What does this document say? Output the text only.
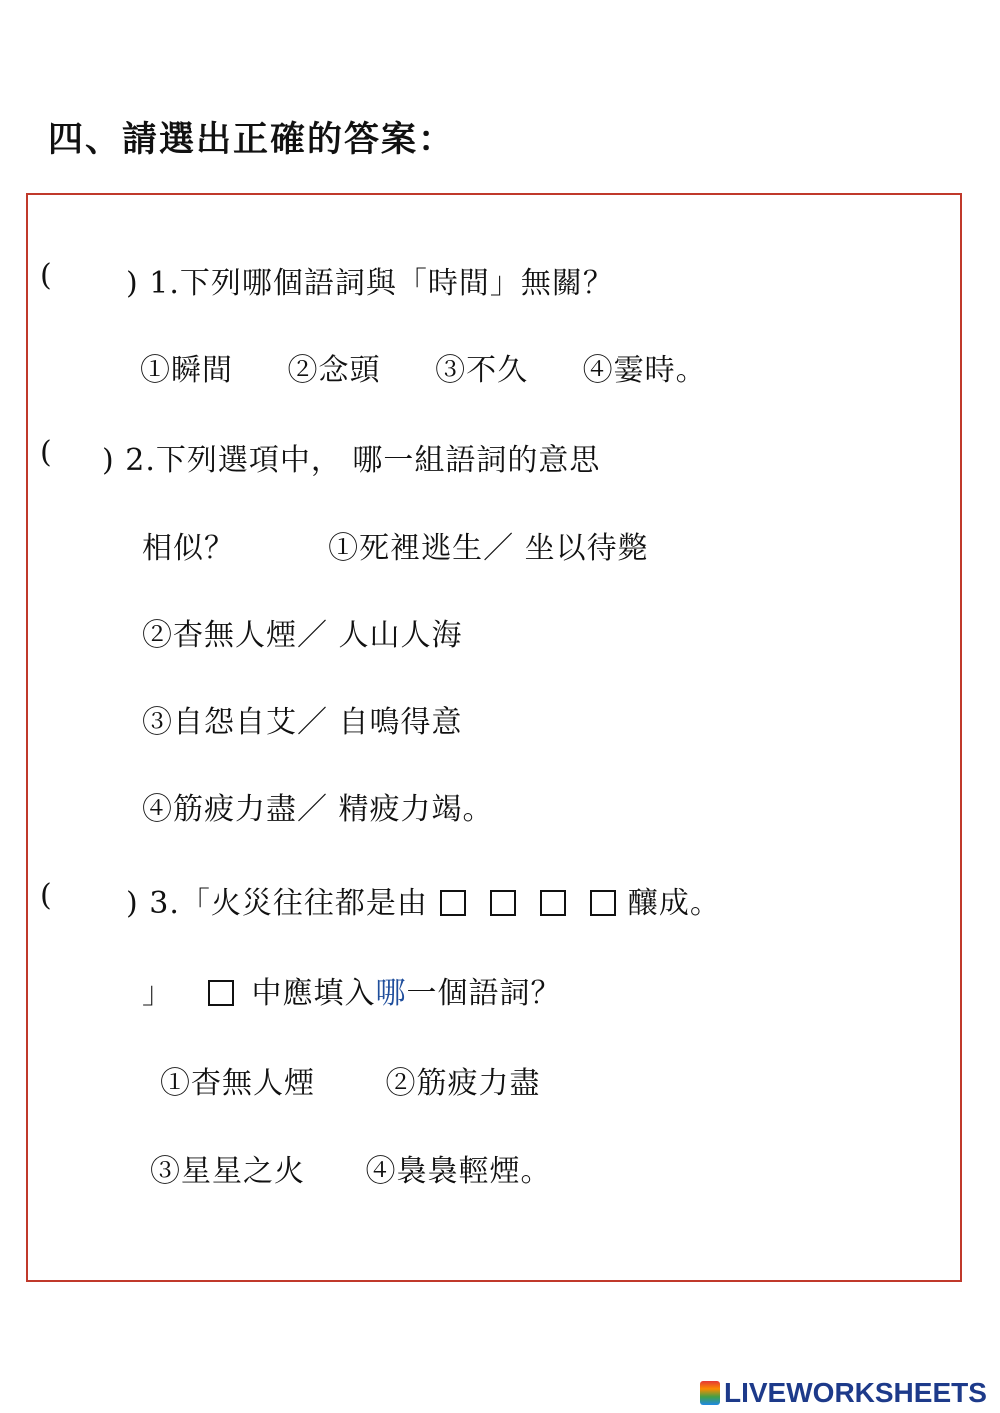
四、請選出正確的答案：
( ) 1.下列哪個語詞與「時間」無關？
①瞬間 ②念頭 ③不久 ④霎時。
( ) 2.下列選項中， 哪一組語詞的意思
相似？	①死裡逃生／ 坐以待斃
②杳無人煙／ 人山人海
③自怨自艾／ 自鳴得意
④筋疲力盡／ 精疲力竭。
( ) 3.「火災往往都是由	釀成。
」	中應填入哪一個語詞？
①杳無人煙 ②筋疲力盡
③星星之火 ④裊裊輕煙。
LIVEWORKSHEETS
